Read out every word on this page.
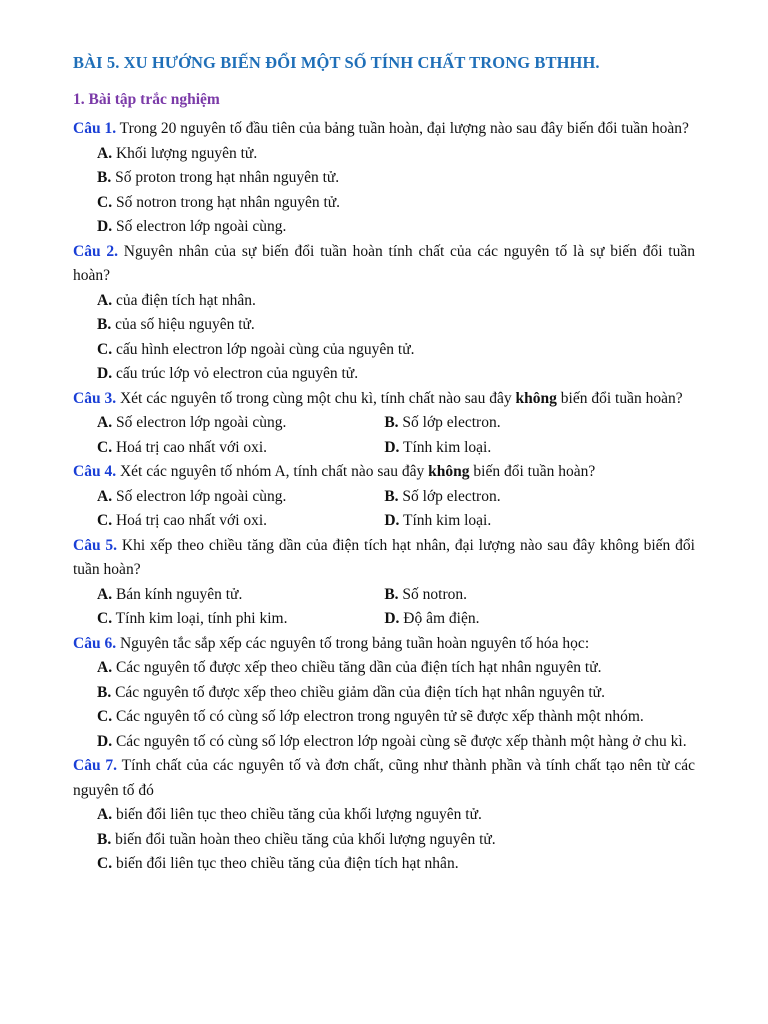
BÀI 5. XU HƯỚNG BIẾN ĐỔI MỘT SỐ TÍNH CHẤT TRONG BTHHH.
1. Bài tập trắc nghiệm
Câu 1. Trong 20 nguyên tố đầu tiên của bảng tuần hoàn, đại lượng nào sau đây biến đổi tuần hoàn?
A. Khối lượng nguyên tử.
B. Số proton trong hạt nhân nguyên tử.
C. Số notron trong hạt nhân nguyên tử.
D. Số electron lớp ngoài cùng.
Câu 2. Nguyên nhân của sự biến đổi tuần hoàn tính chất của các nguyên tố là sự biến đổi tuần hoàn?
A. của điện tích hạt nhân.
B. của số hiệu nguyên tử.
C. cấu hình electron lớp ngoài cùng của nguyên tử.
D. cấu trúc lớp vỏ electron của nguyên tử.
Câu 3. Xét các nguyên tố trong cùng một chu kì, tính chất nào sau đây không biến đổi tuần hoàn?
A. Số electron lớp ngoài cùng.	B. Số lớp electron.
C. Hoá trị cao nhất với oxi.	D. Tính kim loại.
Câu 4. Xét các nguyên tố nhóm A, tính chất nào sau đây không biến đổi tuần hoàn?
A. Số electron lớp ngoài cùng.	B. Số lớp electron.
C. Hoá trị cao nhất với oxi.	D. Tính kim loại.
Câu 5. Khi xếp theo chiều tăng dần của điện tích hạt nhân, đại lượng nào sau đây không biến đổi tuần hoàn?
A. Bán kính nguyên tử.	B. Số notron.
C. Tính kim loại, tính phi kim.	D. Độ âm điện.
Câu 6. Nguyên tắc sắp xếp các nguyên tố trong bảng tuần hoàn nguyên tố hóa học:
A. Các nguyên tố được xếp theo chiều tăng dần của điện tích hạt nhân nguyên tử.
B. Các nguyên tố được xếp theo chiều giảm dần của điện tích hạt nhân nguyên tử.
C. Các nguyên tố có cùng số lớp electron trong nguyên tử sẽ được xếp thành một nhóm.
D. Các nguyên tố có cùng số lớp electron lớp ngoài cùng sẽ được xếp thành một hàng ở chu kì.
Câu 7. Tính chất của các nguyên tố và đơn chất, cũng như thành phần và tính chất tạo nên từ các nguyên tố đó
A. biến đổi liên tục theo chiều tăng của khối lượng nguyên tử.
B. biến đổi tuần hoàn theo chiều tăng của khối lượng nguyên tử.
C. biến đổi liên tục theo chiều tăng của điện tích hạt nhân.
